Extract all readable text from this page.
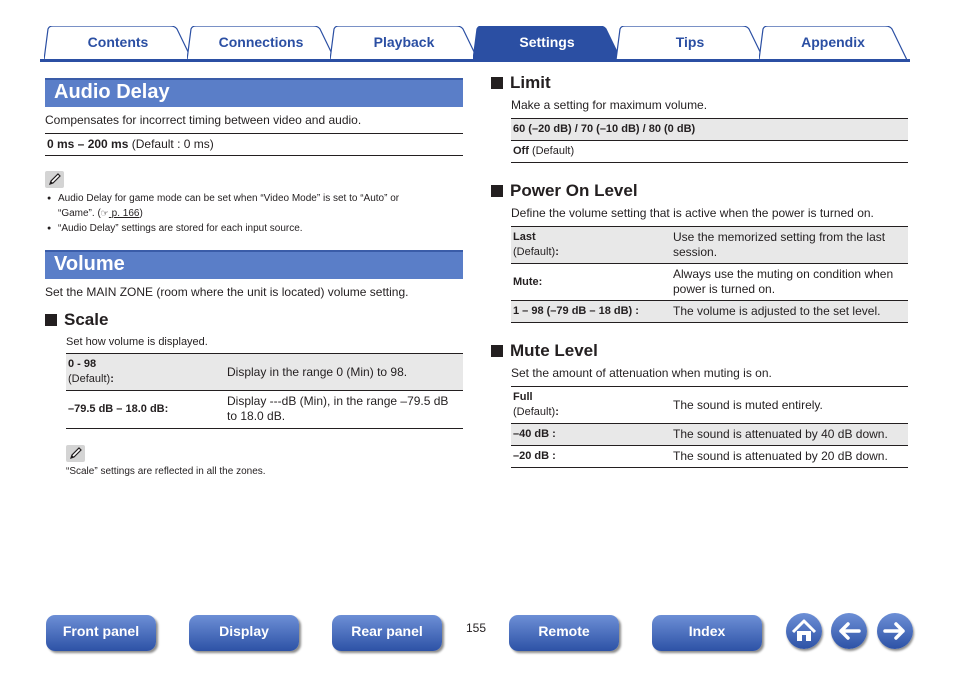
Contents	Connections	Playback	Settings	Tips	Appendix
Audio Delay
Compensates for incorrect timing between video and audio.
0 ms – 200 ms (Default : 0 ms)
● Audio Delay for game mode can be set when “Video Mode” is set to “Auto” or
“Game”. (☞ p. 166)
● “Audio Delay” settings are stored for each input source.
Volume
Set the MAIN ZONE (room where the unit is located) volume setting.
Scale
Set how volume is displayed.
0 - 98
(Default):	Display in the range 0 (Min) to 98.
–79.5 dB – 18.0 dB:	Display ---dB (Min), in the range –79.5 dB
to 18.0 dB.
“Scale” settings are reflected in all the zones.
Limit
Make a setting for maximum volume.
60 (–20 dB) / 70 (–10 dB) / 80 (0 dB)
Off (Default)
Power On Level
Define the volume setting that is active when the power is turned on.
Last
(Default):	Use the memorized setting from the last
session.
Mute:	Always use the muting on condition when
power is turned on.
1 – 98 (–79 dB – 18 dB) :	The volume is adjusted to the set level.
Mute Level
Set the amount of attenuation when muting is on.
Full
(Default):	The sound is muted entirely.
–40 dB :	The sound is attenuated by 40 dB down.
–20 dB :	The sound is attenuated by 20 dB down.
Front panel	Display	Rear panel	155	Remote	Index
